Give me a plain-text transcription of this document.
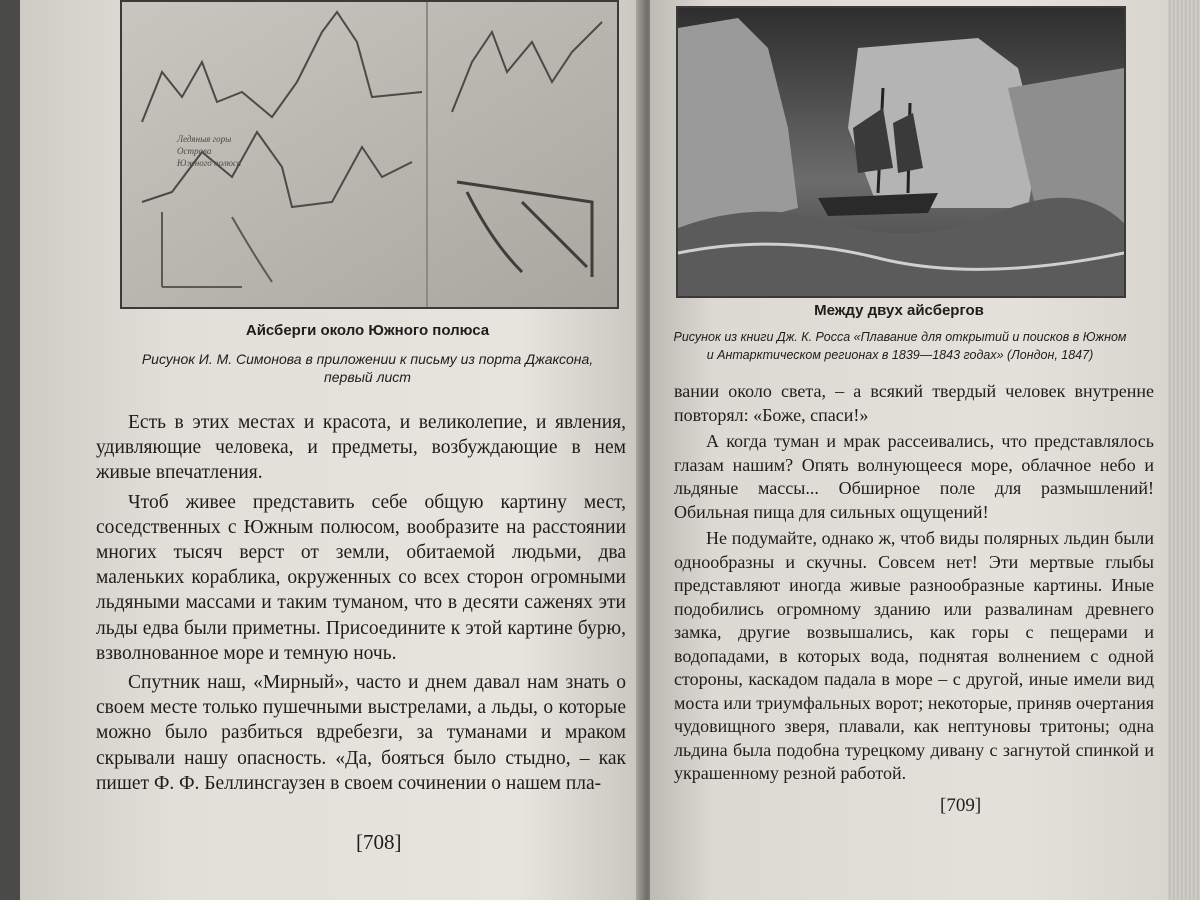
Ледяныя горы
Острова
Южного полюса
Айсберги около Южного полюса
Рисунок И. М. Симонова в приложении к письму из порта Джаксона,
первый лист

Есть в этих местах и красота, и великолепие, и явления, удивляющие человека, и предметы, возбуждающие в нем живые впечатления.

Чтоб живее представить себе общую картину мест, соседственных с Южным полюсом, вообразите на расстоянии многих тысяч верст от земли, обитаемой людьми, два маленьких кораблика, окруженных со всех сторон огромными льдяными массами и таким туманом, что в десяти саженях эти льды едва были приметны. Присоедините к этой картине бурю, взволнованное море и темную ночь.

Спутник наш, «Мирный», часто и днем давал нам знать о своем месте только пушечными выстрелами, а льды, о которые можно было разбиться вдребезги, за туманами и мраком скрывали нашу опасность. «Да, бояться было стыдно, – как пишет Ф. Ф. Беллинсгаузен в своем сочинении о нашем пла-

[708]
Между двух айсбергов
Рисунок из книги Дж. К. Росса «Плавание для открытий и поисков в Южном
и Антарктическом регионах в 1839—1843 годах» (Лондон, 1847)

вании около света, – а всякий твердый человек внутренне повторял: «Боже, спаси!»

А когда туман и мрак рассеивались, что представлялось глазам нашим? Опять волнующееся море, облачное небо и льдяные массы... Обширное поле для размышлений! Обильная пища для сильных ощущений!

Не подумайте, однако ж, чтоб виды полярных льдин были однообразны и скучны. Совсем нет! Эти мертвые глыбы представляют иногда живые разнообразные картины. Иные подобились огромному зданию или развалинам древнего замка, другие возвышались, как горы с пещерами и водопадами, в которых вода, поднятая волнением с одной стороны, каскадом падала в море – с другой, иные имели вид моста или триумфальных ворот; некоторые, приняв очертания чудовищного зверя, плавали, как нептуновы тритоны; одна льдина была подобна турецкому дивану с загнутой спинкой и украшенному резной работой.

[709]
